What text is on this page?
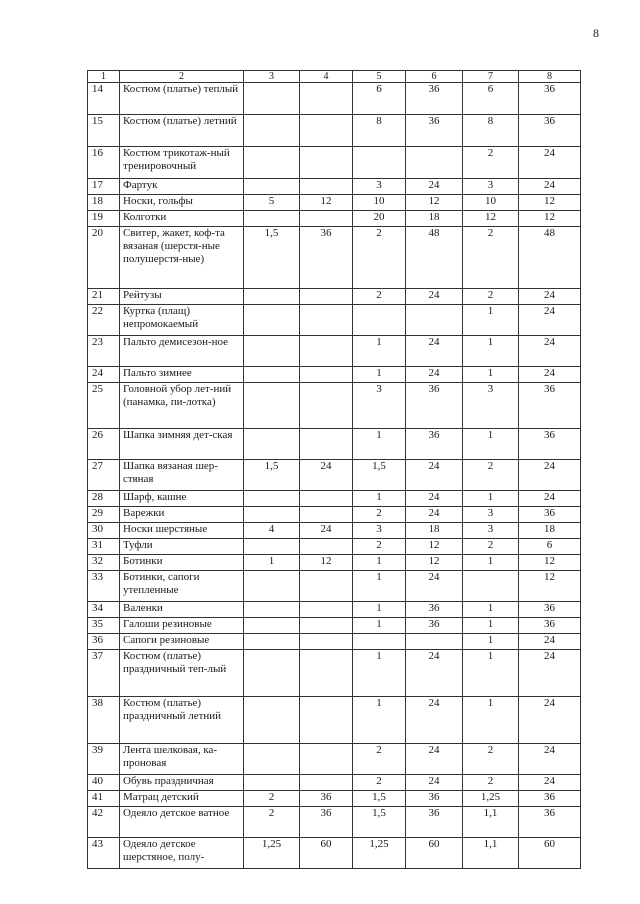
8
1	2	3	4	5	6	7	8
14	Костюм (платье) теплый			6	36	6	36
15	Костюм (платье) летний			8	36	8	36
16	Костюм трикотаж-ный тренировочный					2	24
17	Фартук			3	24	3	24
18	Носки, гольфы	5	12	10	12	10	12
19	Колготки			20	18	12	12
20	Свитер, жакет, коф-та вязаная (шерстя-ные полушерстя-ные)	1,5	36	2	48	2	48
21	Рейтузы			2	24	2	24
22	Куртка (плащ) непромокаемый					1	24
23	Пальто демисезон-ное			1	24	1	24
24	Пальто зимнее			1	24	1	24
25	Головной убор лет-ний (панамка, пи-лотка)			3	36	3	36
26	Шапка зимняя дет-ская			1	36	1	36
27	Шапка вязаная шер-стяная	1,5	24	1,5	24	2	24
28	Шарф, кашне			1	24	1	24
29	Варежки			2	24	3	36
30	Носки шерстяные	4	24	3	18	3	18
31	Туфли			2	12	2	6
32	Ботинки	1	12	1	12	1	12
33	Ботинки, сапоги утепленные			1	24		12
34	Валенки			1	36	1	36
35	Галоши резиновые			1	36	1	36
36	Сапоги резиновые					1	24
37	Костюм (платье) праздничный теп-лый			1	24	1	24
38	Костюм (платье) праздничный летний			1	24	1	24
39	Лента шелковая, ка-проновая			2	24	2	24
40	Обувь праздничная			2	24	2	24
41	Матрац детский	2	36	1,5	36	1,25	36
42	Одеяло детское ватное	2	36	1,5	36	1,1	36
43	Одеяло детское шерстяное, полу-	1,25	60	1,25	60	1,1	60
